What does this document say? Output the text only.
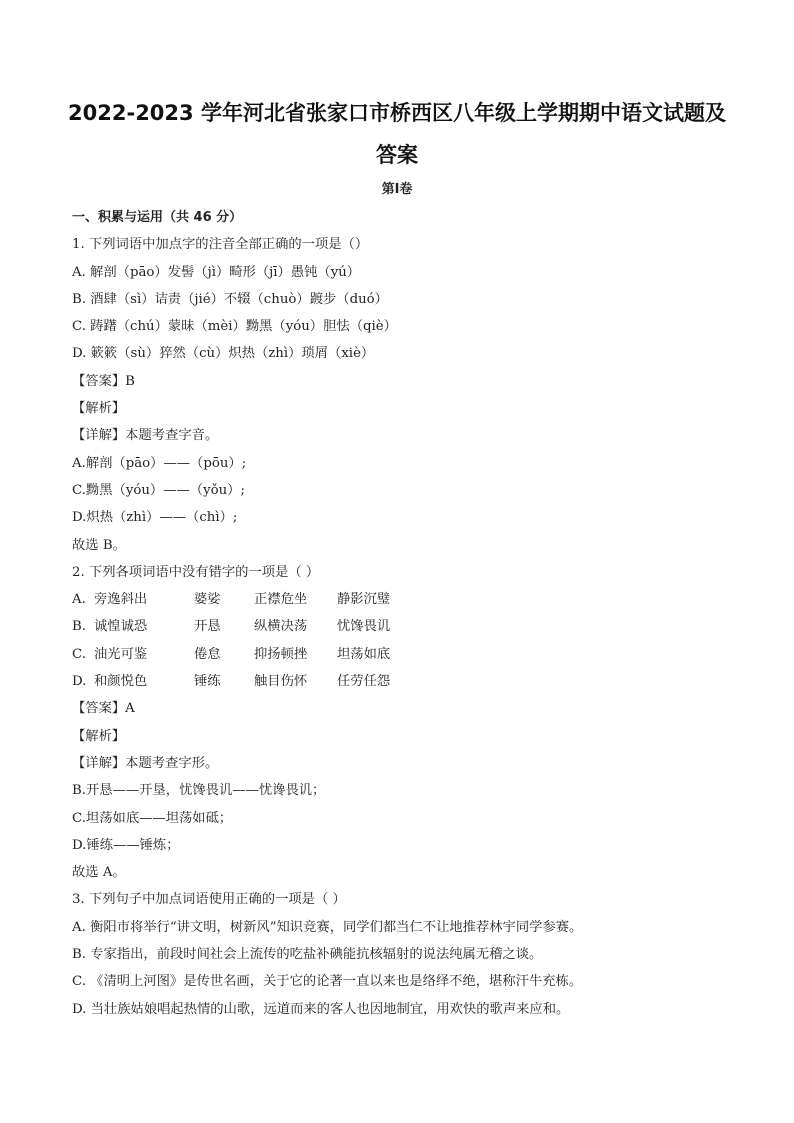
2022-2023 学年河北省张家口市桥西区八年级上学期期中语文试题及答案
第Ⅰ卷
一、积累与运用（共 46 分）
1. 下列词语中加点字的注音全部正确的一项是（）
A. 解剖（pāo）发髻（jì）畸形（jī）愚钝（yú）
B. 酒肆（sì）诘责（jié）不辍（chuò）踱步（duó）
C. 踌躇（chú）蒙昧（mèi）黝黑（yóu）胆怯（qiè）
D. 簌簌（sù）猝然（cù）炽热（zhì）琐屑（xiè）
【答案】B
【解析】
【详解】本题考查字音。
A.解剖（pāo）——（pōu）;
C.黝黑（yóu）——（yǒu）;
D.炽热（zhì）——（chì）;
故选 B。
2. 下列各项词语中没有错字的一项是（ ）
A. 旁逸斜出	婆娑	正襟危坐	静影沉璧
B. 诚惶诚恐	开恳	纵横决荡	忧馋畏讥
C. 油光可鉴	倦怠	抑扬顿挫	坦荡如底
D. 和颜悦色	锤练	触目伤怀	任劳任怨
【答案】A
【解析】
【详解】本题考查字形。
B.开恳——开垦，忧馋畏讥——忧谗畏讥；
C.坦荡如底——坦荡如砥；
D.锤练——锤炼；
故选 A。
3. 下列句子中加点词语使用正确的一项是（ ）
A. 衡阳市将举行“讲文明，树新风”知识竞赛，同学们都当仁不让地推荐林宇同学参赛。
B. 专家指出，前段时间社会上流传的吃盐补碘能抗核辐射的说法纯属无稽之谈。
C. 《清明上河图》是传世名画，关于它的论著一直以来也是络绎不绝，堪称汗牛充栋。
D. 当壮族姑娘唱起热情的山歌，远道而来的客人也因地制宜，用欢快的歌声来应和。
